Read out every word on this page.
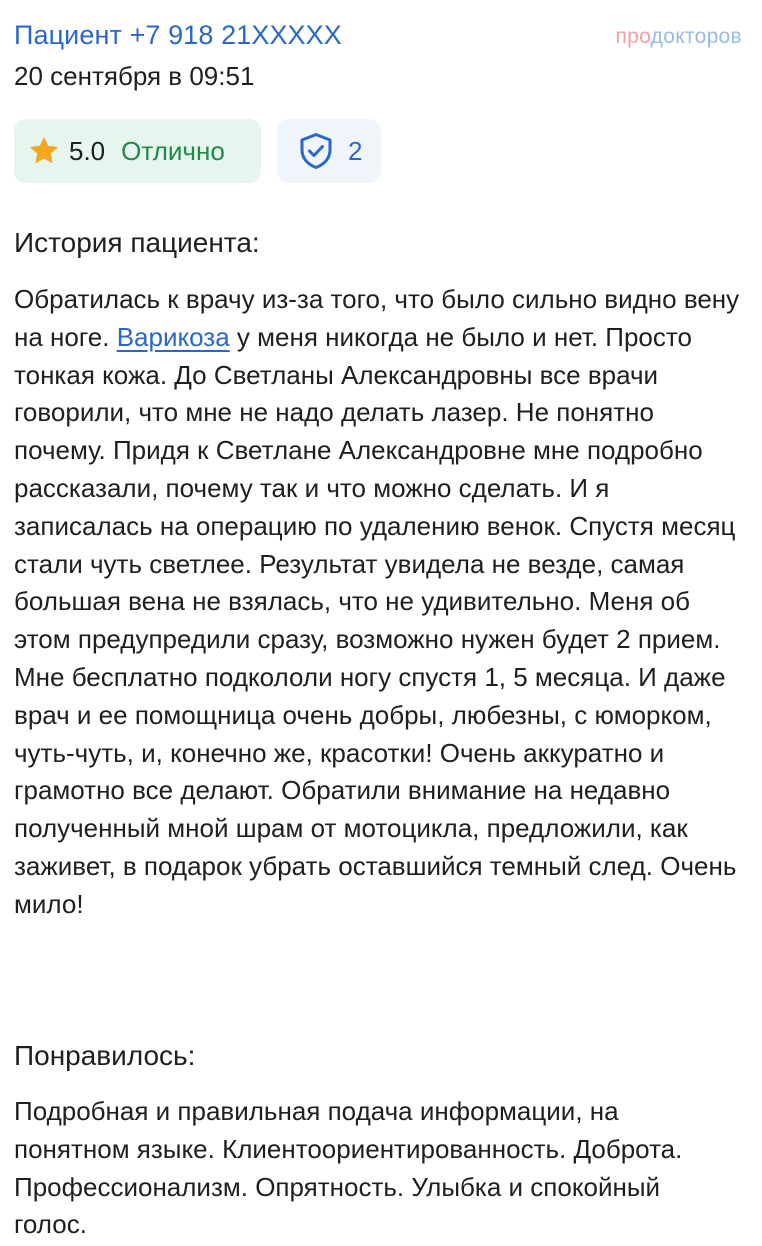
Пациент +7 918 21XXXXX
20 сентября в 09:51
продокторов
5.0 Отлично	2
История пациента:

Обратилась к врачу из-за того, что было сильно видно вену на ноге. Варикоза у меня никогда не было и нет. Просто тонкая кожа. До Светланы Александровны все врачи говорили, что мне не надо делать лазер. Не понятно почему. Придя к Светлане Александровне мне подробно рассказали, почему так и что можно сделать. И я записалась на операцию по удалению венок. Спустя месяц стали чуть светлее. Результат увидела не везде, самая большая вена не взялась, что не удивительно. Меня об этом предупредили сразу, возможно нужен будет 2 прием. Мне бесплатно подкололи ногу спустя 1, 5 месяца. И даже врач и ее помощница очень добры, любезны, с юморком, чуть-чуть, и, конечно же, красотки! Очень аккуратно и грамотно все делают. Обратили внимание на недавно полученный мной шрам от мотоцикла, предложили, как заживет, в подарок убрать оставшийся темный след. Очень мило!

Понравилось:

Подробная и правильная подача информации, на понятном языке. Клиентоориентированность. Доброта. Профессионализм. Опрятность. Улыбка и спокойный голос.
